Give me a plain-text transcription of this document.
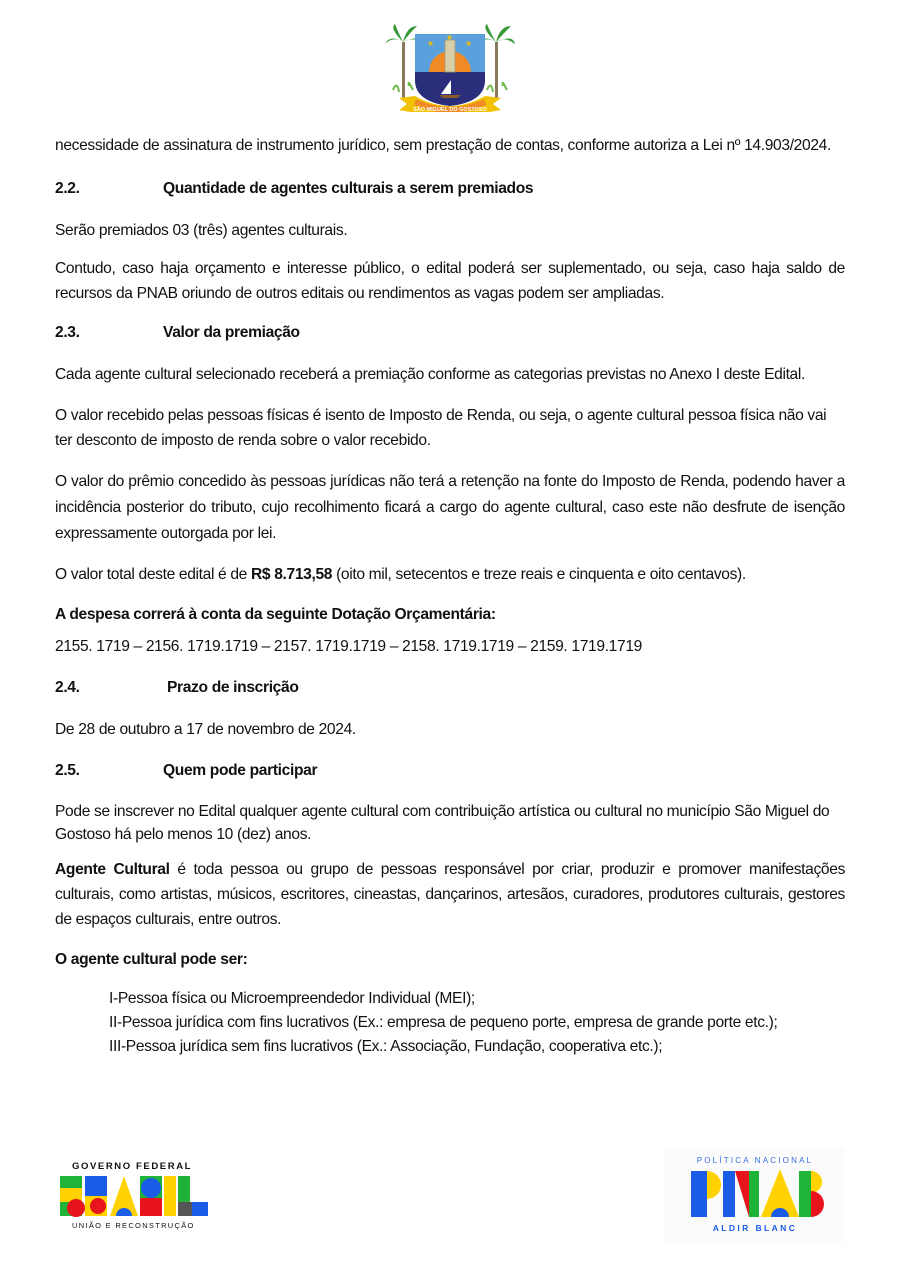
★
★
★
SÃO MIGUEL DO GOSTOSO

necessidade de assinatura de instrumento jurídico, sem prestação de contas, conforme autoriza a Lei nº 14.903/2024.

2.2.	Quantidade de agentes culturais a serem premiados

Serão premiados 03 (três) agentes culturais.

Contudo, caso haja orçamento e interesse público, o edital poderá ser suplementado, ou seja, caso haja saldo de recursos da PNAB oriundo de outros editais ou rendimentos as vagas podem ser ampliadas.

2.3.	Valor da premiação

Cada agente cultural selecionado receberá a premiação conforme as categorias previstas no Anexo I deste Edital.

O valor recebido pelas pessoas físicas é isento de Imposto de Renda, ou seja, o agente cultural pessoa física não vai ter desconto de imposto de renda sobre o valor recebido.

O valor do prêmio concedido às pessoas jurídicas não terá a retenção na fonte do Imposto de Renda, podendo haver a incidência posterior do tributo, cujo recolhimento ficará a cargo do agente cultural, caso este não desfrute de isenção expressamente outorgada por lei.

O valor total deste edital é de R$ 8.713,58 (oito mil, setecentos e treze reais e cinquenta e oito centavos).

A despesa correrá à conta da seguinte Dotação Orçamentária:

2155. 1719 – 2156. 1719.1719 – 2157. 1719.1719 – 2158. 1719.1719 – 2159. 1719.1719

2.4.	Prazo de inscrição

De 28 de outubro a 17 de novembro de 2024.

2.5.	Quem pode participar

Pode se inscrever no Edital qualquer agente cultural com contribuição artística ou cultural no município São Miguel do Gostoso há pelo menos 10 (dez) anos.

Agente Cultural é toda pessoa ou grupo de pessoas responsável por criar, produzir e promover manifestações culturais, como artistas, músicos, escritores, cineastas, dançarinos, artesãos, curadores, produtores culturais, gestores de espaços culturais, entre outros.

O agente cultural pode ser:

I-Pessoa física ou Microempreendedor Individual (MEI);

II-Pessoa jurídica com fins lucrativos (Ex.: empresa de pequeno porte, empresa de grande porte etc.);

III-Pessoa jurídica sem fins lucrativos (Ex.: Associação, Fundação, cooperativa etc.);

GOVERNO FEDERAL
UNIÃO E RECONSTRUÇÃO
POLÍTICA NACIONAL
ALDIR BLANC
